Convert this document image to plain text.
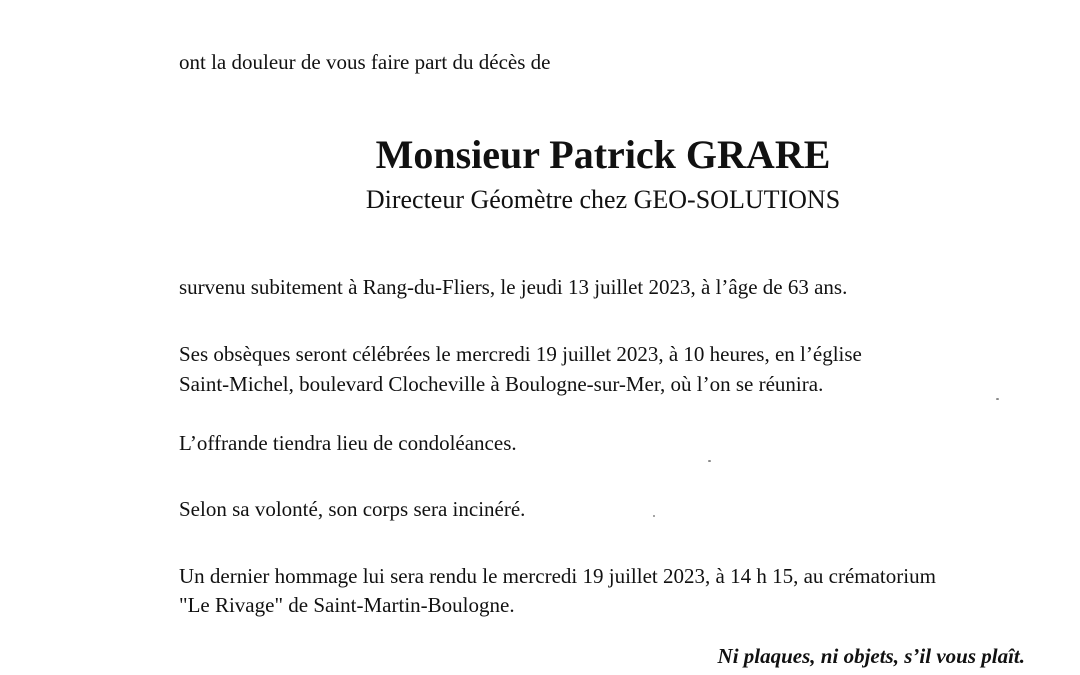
ont la douleur de vous faire part du décès de

Monsieur Patrick GRARE

Directeur Géomètre chez GEO-SOLUTIONS

survenu subitement à Rang-du-Fliers, le jeudi 13 juillet 2023, à l’âge de 63 ans.

Ses obsèques seront célébrées le mercredi 19 juillet 2023, à 10 heures, en l’église

Saint-Michel, boulevard Clocheville à Boulogne-sur-Mer, où l’on se réunira.

L’offrande tiendra lieu de condoléances.

Selon sa volonté, son corps sera incinéré.

Un dernier hommage lui sera rendu le mercredi 19 juillet 2023, à 14 h 15, au crématorium

"Le Rivage" de Saint-Martin-Boulogne.

Ni plaques, ni objets, s’il vous plaît.
